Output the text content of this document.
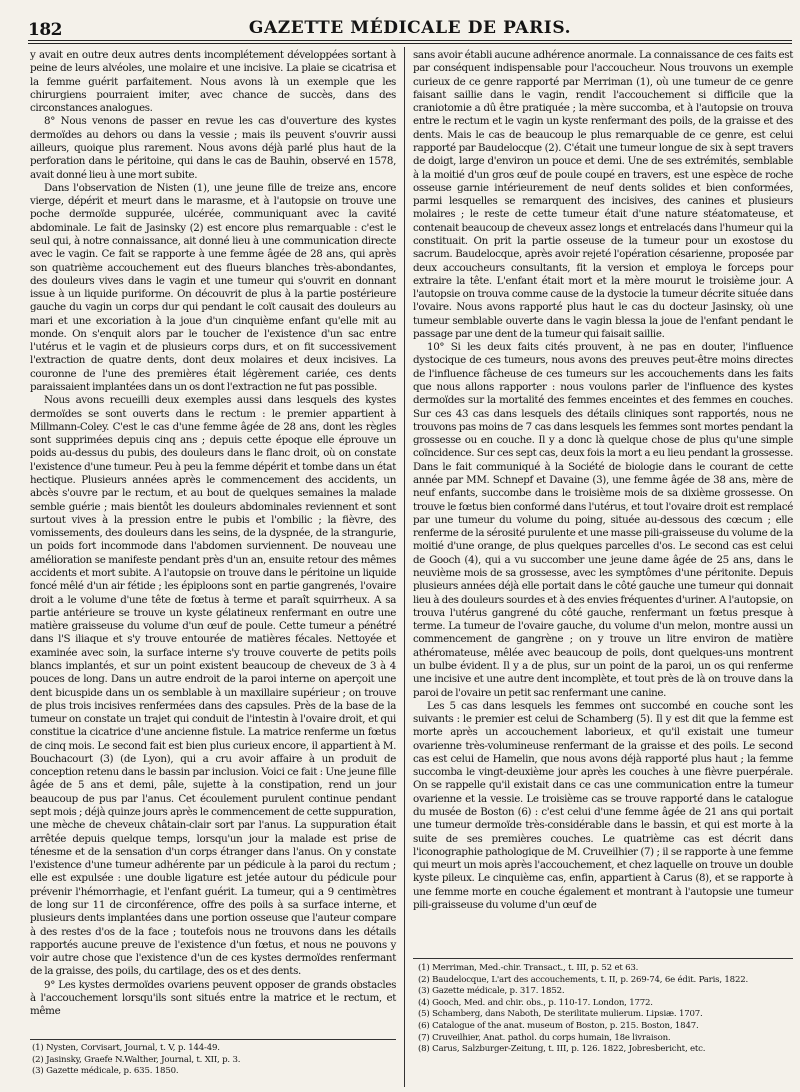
182	GAZETTE MÉDICALE DE PARIS.

y avait en outre deux autres dents incomplétement développées sortant à peine de leurs alvéoles, une molaire et une incisive. La plaie se cicatrisa et la femme guérit parfaitement. Nous avons là un exemple que les chirurgiens pourraient imiter, avec chance de succès, dans des circonstances analogues.

8° Nous venons de passer en revue les cas d'ouverture des kystes dermoïdes au dehors ou dans la vessie ; mais ils peuvent s'ouvrir aussi ailleurs, quoique plus rarement. Nous avons déjà parlé plus haut de la perforation dans le péritoine, qui dans le cas de Bauhin, observé en 1578, avait donné lieu à une mort subite.

Dans l'observation de Nisten (1), une jeune fille de treize ans, encore vierge, dépérit et meurt dans le marasme, et à l'autopsie on trouve une poche dermoïde suppurée, ulcérée, communiquant avec la cavité abdominale. Le fait de Jasinsky (2) est encore plus remarquable : c'est le seul qui, à notre connaissance, ait donné lieu à une communication directe avec le vagin. Ce fait se rapporte à une femme âgée de 28 ans, qui après son quatrième accouchement eut des flueurs blanches très-abondantes, des douleurs vives dans le vagin et une tumeur qui s'ouvrit en donnant issue à un liquide puriforme. On découvrit de plus à la partie postérieure gauche du vagin un corps dur qui pendant le coït causait des douleurs au mari et une excoriation à la joue d'un cinquième enfant qu'elle mit au monde. On s'enquit alors par le toucher de l'existence d'un sac entre l'utérus et le vagin et de plusieurs corps durs, et on fit successivement l'extraction de quatre dents, dont deux molaires et deux incisives. La couronne de l'une des premières était légèrement cariée, ces dents paraissaient implantées dans un os dont l'extraction ne fut pas possible.

Nous avons recueilli deux exemples aussi dans lesquels des kystes dermoïdes se sont ouverts dans le rectum : le premier appartient à Millmann-Coley. C'est le cas d'une femme âgée de 28 ans, dont les règles sont supprimées depuis cinq ans ; depuis cette époque elle éprouve un poids au-dessus du pubis, des douleurs dans le flanc droit, où on constate l'existence d'une tumeur. Peu à peu la femme dépérit et tombe dans un état hectique. Plusieurs années après le commencement des accidents, un abcès s'ouvre par le rectum, et au bout de quelques semaines la malade semble guérie ; mais bientôt les douleurs abdominales reviennent et sont surtout vives à la pression entre le pubis et l'ombilic ; la fièvre, des vomissements, des douleurs dans les seins, de la dyspnée, de la strangurie, un poids fort incommode dans l'abdomen surviennent. De nouveau une amélioration se manifeste pendant près d'un an, ensuite retour des mêmes accidents et mort subite. A l'autopsie on trouve dans le péritoine un liquide foncé mêlé d'un air fétide ; les épiploons sont en partie gangrenés, l'ovaire droit a le volume d'une tête de fœtus à terme et paraît squirrheux. A sa partie antérieure se trouve un kyste gélatineux renfermant en outre une matière graisseuse du volume d'un œuf de poule. Cette tumeur a pénétré dans l'S iliaque et s'y trouve entourée de matières fécales. Nettoyée et examinée avec soin, la surface interne s'y trouve couverte de petits poils blancs implantés, et sur un point existent beaucoup de cheveux de 3 à 4 pouces de long. Dans un autre endroit de la paroi interne on aperçoit une dent bicuspide dans un os semblable à un maxillaire supérieur ; on trouve de plus trois incisives renfermées dans des capsules. Près de la base de la tumeur on constate un trajet qui conduit de l'intestin à l'ovaire droit, et qui constitue la cicatrice d'une ancienne fistule. La matrice renferme un fœtus de cinq mois. Le second fait est bien plus curieux encore, il appartient à M. Bouchacourt (3) (de Lyon), qui a cru avoir affaire à un produit de conception retenu dans le bassin par inclusion. Voici ce fait : Une jeune fille âgée de 5 ans et demi, pâle, sujette à la constipation, rend un jour beaucoup de pus par l'anus. Cet écoulement purulent continue pendant sept mois ; déjà quinze jours après le commencement de cette suppuration, une mèche de cheveux châtain-clair sort par l'anus. La suppuration était arrêtée depuis quelque temps, lorsqu'un jour la malade est prise de ténesme et de la sensation d'un corps étranger dans l'anus. On y constate l'existence d'une tumeur adhérente par un pédicule à la paroi du rectum ; elle est expulsée : une double ligature est jetée autour du pédicule pour prévenir l'hémorrhagie, et l'enfant guérit. La tumeur, qui a 9 centimètres de long sur 11 de circonférence, offre des poils à sa surface interne, et plusieurs dents implantées dans une portion osseuse que l'auteur compare à des restes d'os de la face ; toutefois nous ne trouvons dans les détails rapportés aucune preuve de l'existence d'un fœtus, et nous ne pouvons y voir autre chose que l'existence d'un de ces kystes dermoïdes renfermant de la graisse, des poils, du cartilage, des os et des dents.

9° Les kystes dermoïdes ovariens peuvent opposer de grands obstacles à l'accouchement lorsqu'ils sont situés entre la matrice et le rectum, et même

sans avoir établi aucune adhérence anormale. La connaissance de ces faits est par conséquent indispensable pour l'accoucheur. Nous trouvons un exemple curieux de ce genre rapporté par Merriman (1), où une tumeur de ce genre faisant saillie dans le vagin, rendit l'accouchement si difficile que la craniotomie a dû être pratiquée ; la mère succomba, et à l'autopsie on trouva entre le rectum et le vagin un kyste renfermant des poils, de la graisse et des dents. Mais le cas de beaucoup le plus remarquable de ce genre, est celui rapporté par Baudelocque (2). C'était une tumeur longue de six à sept travers de doigt, large d'environ un pouce et demi. Une de ses extrémités, semblable à la moitié d'un gros œuf de poule coupé en travers, est une espèce de roche osseuse garnie intérieurement de neuf dents solides et bien conformées, parmi lesquelles se remarquent des incisives, des canines et plusieurs molaires ; le reste de cette tumeur était d'une nature stéatomateuse, et contenait beaucoup de cheveux assez longs et entrelacés dans l'humeur qui la constituait. On prit la partie osseuse de la tumeur pour un exostose du sacrum. Baudelocque, après avoir rejeté l'opération césarienne, proposée par deux accoucheurs consultants, fit la version et employa le forceps pour extraire la tête. L'enfant était mort et la mère mourut le troisième jour. A l'autopsie on trouva comme cause de la dystocie la tumeur décrite située dans l'ovaire. Nous avons rapporté plus haut le cas du docteur Jasinsky, où une tumeur semblable ouverte dans le vagin blessa la joue de l'enfant pendant le passage par une dent de la tumeur qui faisait saillie.

10° Si les deux faits cités prouvent, à ne pas en douter, l'influence dystocique de ces tumeurs, nous avons des preuves peut-être moins directes de l'influence fâcheuse de ces tumeurs sur les accouchements dans les faits que nous allons rapporter : nous voulons parler de l'influence des kystes dermoïdes sur la mortalité des femmes enceintes et des femmes en couches. Sur ces 43 cas dans lesquels des détails cliniques sont rapportés, nous ne trouvons pas moins de 7 cas dans lesquels les femmes sont mortes pendant la grossesse ou en couche. Il y a donc là quelque chose de plus qu'une simple coïncidence. Sur ces sept cas, deux fois la mort a eu lieu pendant la grossesse. Dans le fait communiqué à la Société de biologie dans le courant de cette année par MM. Schnepf et Davaine (3), une femme âgée de 38 ans, mère de neuf enfants, succombe dans le troisième mois de sa dixième grossesse. On trouve le fœtus bien conformé dans l'utérus, et tout l'ovaire droit est remplacé par une tumeur du volume du poing, située au-dessous des cœcum ; elle renferme de la sérosité purulente et une masse pili-graisseuse du volume de la moitié d'une orange, de plus quelques parcelles d'os. Le second cas est celui de Gooch (4), qui a vu succomber une jeune dame âgée de 25 ans, dans le neuvième mois de sa grossesse, avec les symptômes d'une péritonite. Depuis plusieurs années déjà elle portait dans le côté gauche une tumeur qui donnait lieu à des douleurs sourdes et à des envies fréquentes d'uriner. A l'autopsie, on trouva l'utérus gangrené du côté gauche, renfermant un fœtus presque à terme. La tumeur de l'ovaire gauche, du volume d'un melon, montre aussi un commencement de gangrène ; on y trouve un litre environ de matière athéromateuse, mêlée avec beaucoup de poils, dont quelques-uns montrent un bulbe évident. Il y a de plus, sur un point de la paroi, un os qui renferme une incisive et une autre dent incomplète, et tout près de là on trouve dans la paroi de l'ovaire un petit sac renfermant une canine.

Les 5 cas dans lesquels les femmes ont succombé en couche sont les suivants : le premier est celui de Schamberg (5). Il y est dit que la femme est morte après un accouchement laborieux, et qu'il existait une tumeur ovarienne très-volumineuse renfermant de la graisse et des poils. Le second cas est celui de Hamelin, que nous avons déjà rapporté plus haut ; la femme succomba le vingt-deuxième jour après les couches à une fièvre puerpérale. On se rappelle qu'il existait dans ce cas une communication entre la tumeur ovarienne et la vessie. Le troisième cas se trouve rapporté dans le catalogue du musée de Boston (6) : c'est celui d'une femme âgée de 21 ans qui portait une tumeur dermoïde très-considérable dans le bassin, et qui est morte à la suite de ses premières couches. Le quatrième cas est décrit dans l'iconographie pathologique de M. Cruveilhier (7) ; il se rapporte à une femme qui meurt un mois après l'accouchement, et chez laquelle on trouve un double kyste pileux. Le cinquième cas, enfin, appartient à Carus (8), et se rapporte à une femme morte en couche également et montrant à l'autopsie une tumeur pili-graisseuse du volume d'un œuf de

(1) Nysten, Corvisart, Journal, t. V, p. 144-49.

(2) Jasinsky, Graefe N.Walther, Journal, t. XII, p. 3.

(3) Gazette médicale, p. 635. 1850.

(1) Merriman, Med.-chir. Transact., t. III, p. 52 et 63.

(2) Baudelocque, L'art des accouchements, t. II, p. 269-74, 6e édit. Paris, 1822.

(3) Gazette médicale, p. 317. 1852.

(4) Gooch, Med. and chir. obs., p. 110-17. London, 1772.

(5) Schamberg, dans Naboth, De sterilitate mulierum. Lipsiæ. 1707.

(6) Catalogue of the anat. museum of Boston, p. 215. Boston, 1847.

(7) Cruveilhier, Anat. pathol. du corps humain, 18e livraison.

(8) Carus, Salzburger-Zeitung, t. III, p. 126. 1822, Jobresbericht, etc.
